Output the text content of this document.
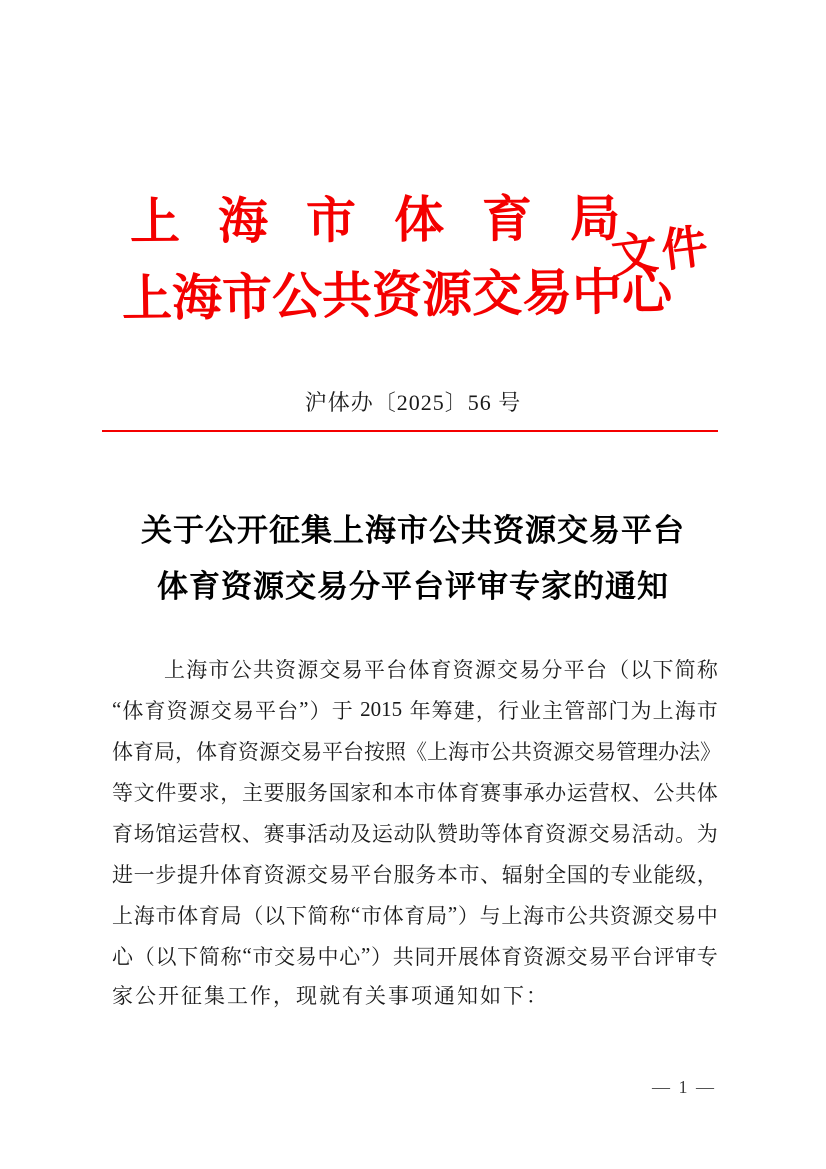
上海市体育局
上海市公共资源交易中心
文件
沪体办〔2025〕56 号
关于公开征集上海市公共资源交易平台
体育资源交易分平台评审专家的通知
上 海 市 公 共 资 源 交 易 平 台 体 育 资 源 交 易 分 平 台 （ 以 下 简 称
“ 体 育 资 源 交 易 平 台 ” ） 于
2015
年 筹 建 ， 行 业 主 管 部 门 为 上 海 市
体 育 局 ， 体 育 资 源 交 易 平 台 按 照 《 上 海 市 公 共 资 源 交 易 管 理 办 法 》
等 文 件 要 求 ， 主 要 服 务 国 家 和 本 市 体 育 赛 事 承 办 运 营 权 、 公 共 体
育 场 馆 运 营 权 、 赛 事 活 动 及 运 动 队 赞 助 等 体 育 资 源 交 易 活 动 。 为
进 一 步 提 升 体 育 资 源 交 易 平 台 服 务 本 市 、 辐 射 全 国 的 专 业 能 级 ，
上 海 市 体 育 局 （ 以 下 简 称 “ 市 体 育 局 ” ） 与 上 海 市 公 共 资 源 交 易 中
心 （ 以 下 简 称 “ 市 交 易 中 心 ” ） 共 同 开 展 体 育 资 源 交 易 平 台 评 审 专
家公开征集工作，现就有关事项通知如下：
— 1 —
